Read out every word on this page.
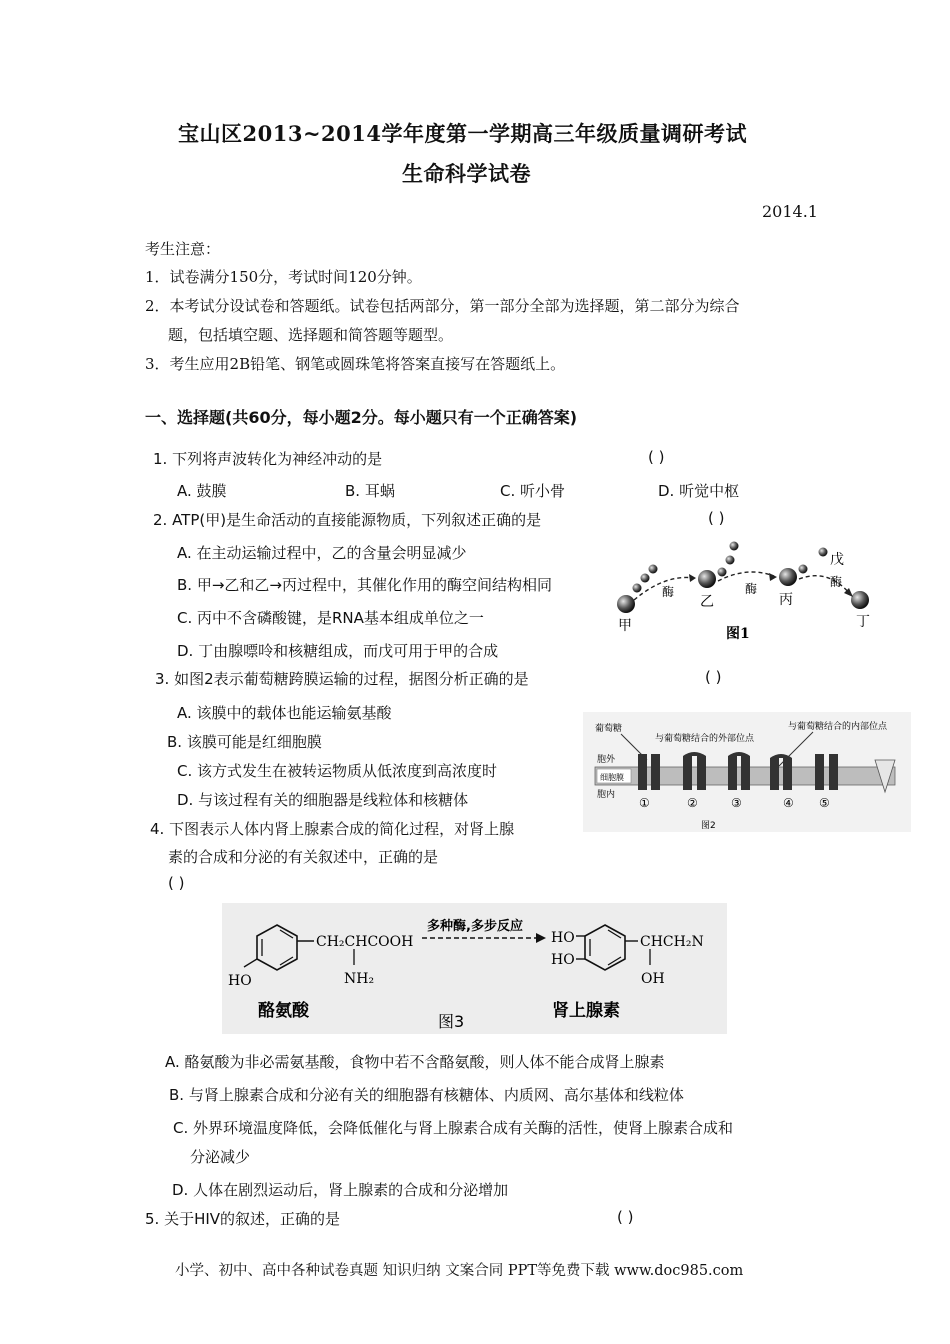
宝山区2013~2014学年度第一学期高三年级质量调研考试
生命科学试卷
2014.1
考生注意：
1．试卷满分150分，考试时间120分钟。
2．本考试分设试卷和答题纸。试卷包括两部分，第一部分全部为选择题，第二部分为综合
题，包括填空题、选择题和简答题等题型。
3．考生应用2B铅笔、钢笔或圆珠笔将答案直接写在答题纸上。
一、选择题(共60分，每小题2分。每小题只有一个正确答案)
1. 下列将声波转化为神经冲动的是	( )
A. 鼓膜	B. 耳蜗	C. 听小骨	D. 听觉中枢
2. ATP(甲)是生命活动的直接能源物质，下列叙述正确的是	( )
A. 在主动运输过程中，乙的含量会明显减少
B. 甲→乙和乙→丙过程中，其催化作用的酶空间结构相同
C. 丙中不含磷酸键，是RNA基本组成单位之一
D. 丁由腺嘌呤和核糖组成，而戊可用于甲的合成
甲
乙	丙
丁
戊
酶	酶	酶
图1
3. 如图2表示葡萄糖跨膜运输的过程，据图分析正确的是	( )
A. 该膜中的载体也能运输氨基酸
B. 该膜可能是红细胞膜
C. 该方式发生在被转运物质从低浓度到高浓度时
D. 与该过程有关的细胞器是线粒体和核糖体
葡萄糖
与葡萄糖结合的外部位点
与葡萄糖结合的内部位点
胞外
胞内
细胞膜
①	②	③	④ ⑤
图2
4. 下图表示人体内肾上腺素合成的简化过程，对肾上腺
素的合成和分泌的有关叙述中，正确的是
( )
CH₂CHCOOH
NH₂
HO
多种酶,多步反应
HO
HO
CHCH₂N
OH
酪氨酸	肾上腺素
图3
A. 酪氨酸为非必需氨基酸，食物中若不含酪氨酸，则人体不能合成肾上腺素
B. 与肾上腺素合成和分泌有关的细胞器有核糖体、内质网、高尔基体和线粒体
C. 外界环境温度降低，会降低催化与肾上腺素合成有关酶的活性，使肾上腺素合成和
分泌减少
D. 人体在剧烈运动后，肾上腺素的合成和分泌增加
5. 关于HIV的叙述，正确的是	( )
小学、初中、高中各种试卷真题 知识归纳 文案合同 PPT等免费下载 www.doc985.com
